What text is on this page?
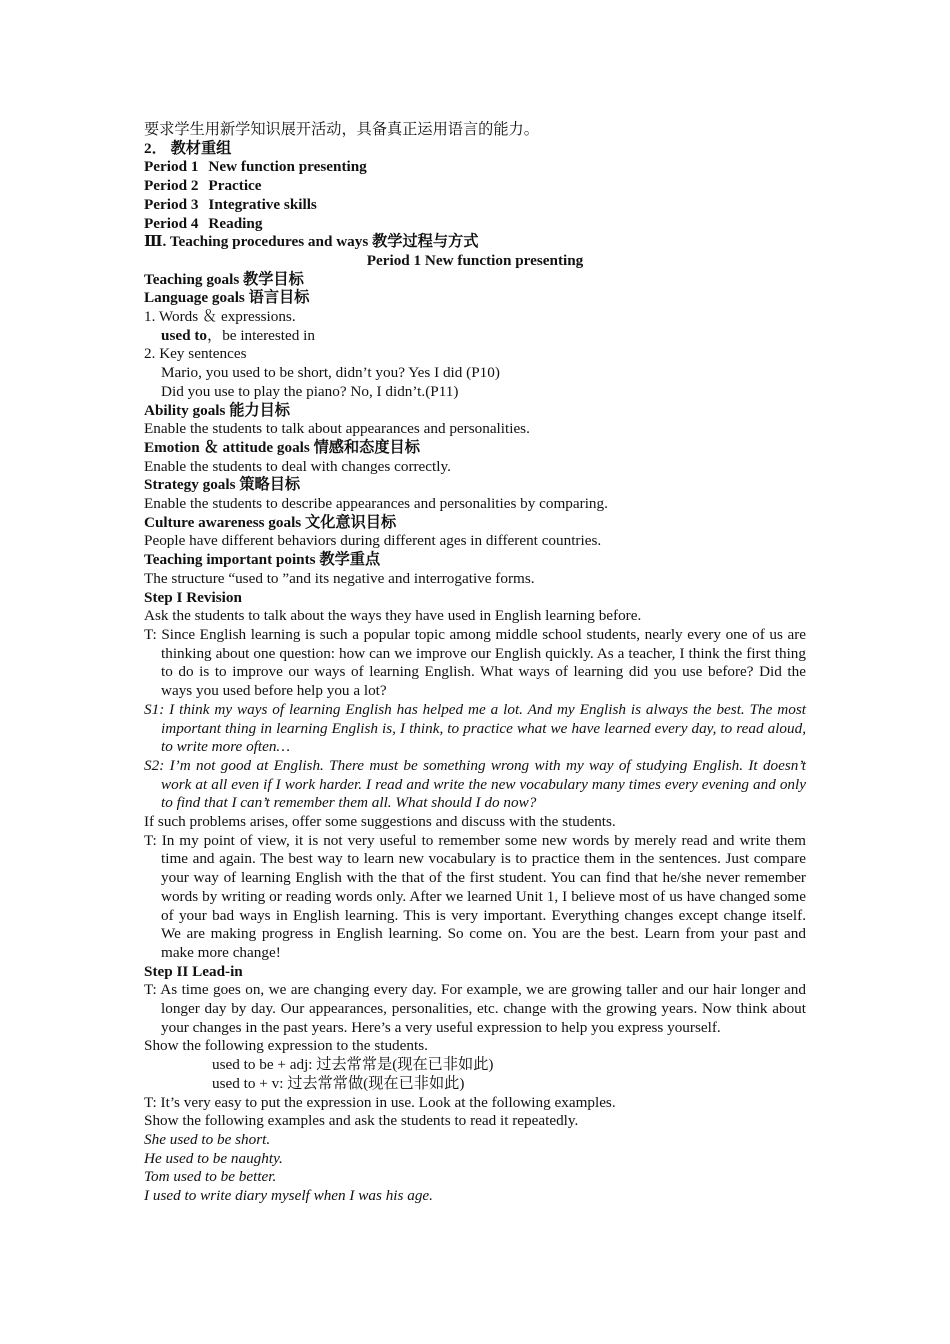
要求学生用新学知识展开活动，具备真正运用语言的能力。
2． 教材重组
Period 1 New function presenting
Period 2 Practice
Period 3 Integrative skills
Period 4 Reading
Ⅲ. Teaching procedures and ways 教学过程与方式
Period 1 New function presenting
Teaching goals 教学目标
Language goals 语言目标
1. Words ＆ expressions.
used to，be interested in
2. Key sentences
Mario, you used to be short, didn’t you? Yes I did (P10)
Did you use to play the piano? No, I didn’t.(P11)
Ability goals 能力目标
Enable the students to talk about appearances and personalities.
Emotion ＆ attitude goals 情感和态度目标
Enable the students to deal with changes correctly.
Strategy goals 策略目标
Enable the students to describe appearances and personalities by comparing.
Culture awareness goals 文化意识目标
People have different behaviors during different ages in different countries.
Teaching important points 教学重点
The structure “used to ”and its negative and interrogative forms.
Step I Revision
Ask the students to talk about the ways they have used in English learning before.
T: Since English learning is such a popular topic among middle school students, nearly every one of us are thinking about one question: how can we improve our English quickly. As a teacher, I think the first thing to do is to improve our ways of learning English. What ways of learning did you use before? Did the ways you used before help you a lot?
S1: I think my ways of learning English has helped me a lot. And my English is always the best. The most important thing in learning English is, I think, to practice what we have learned every day, to read aloud, to write more often…
S2: I’m not good at English. There must be something wrong with my way of studying English. It doesn’t work at all even if I work harder. I read and write the new vocabulary many times every evening and only to find that I can’t remember them all. What should I do now?
If such problems arises, offer some suggestions and discuss with the students.
T: In my point of view, it is not very useful to remember some new words by merely read and write them time and again. The best way to learn new vocabulary is to practice them in the sentences. Just compare your way of learning English with the that of the first student. You can find that he/she never remember words by writing or reading words only. After we learned Unit 1, I believe most of us have changed some of your bad ways in English learning. This is very important. Everything changes except change itself. We are making progress in English learning. So come on. You are the best. Learn from your past and make more change!
Step II Lead-in
T: As time goes on, we are changing every day. For example, we are growing taller and our hair longer and longer day by day. Our appearances, personalities, etc. change with the growing years. Now think about your changes in the past years. Here’s a very useful expression to help you express yourself.
Show the following expression to the students.
used to be + adj: 过去常常是(现在已非如此)
used to + v: 过去常常做(现在已非如此)
T: It’s very easy to put the expression in use. Look at the following examples.
Show the following examples and ask the students to read it repeatedly.
She used to be short.
He used to be naughty.
Tom used to be better.
I used to write diary myself when I was his age.
